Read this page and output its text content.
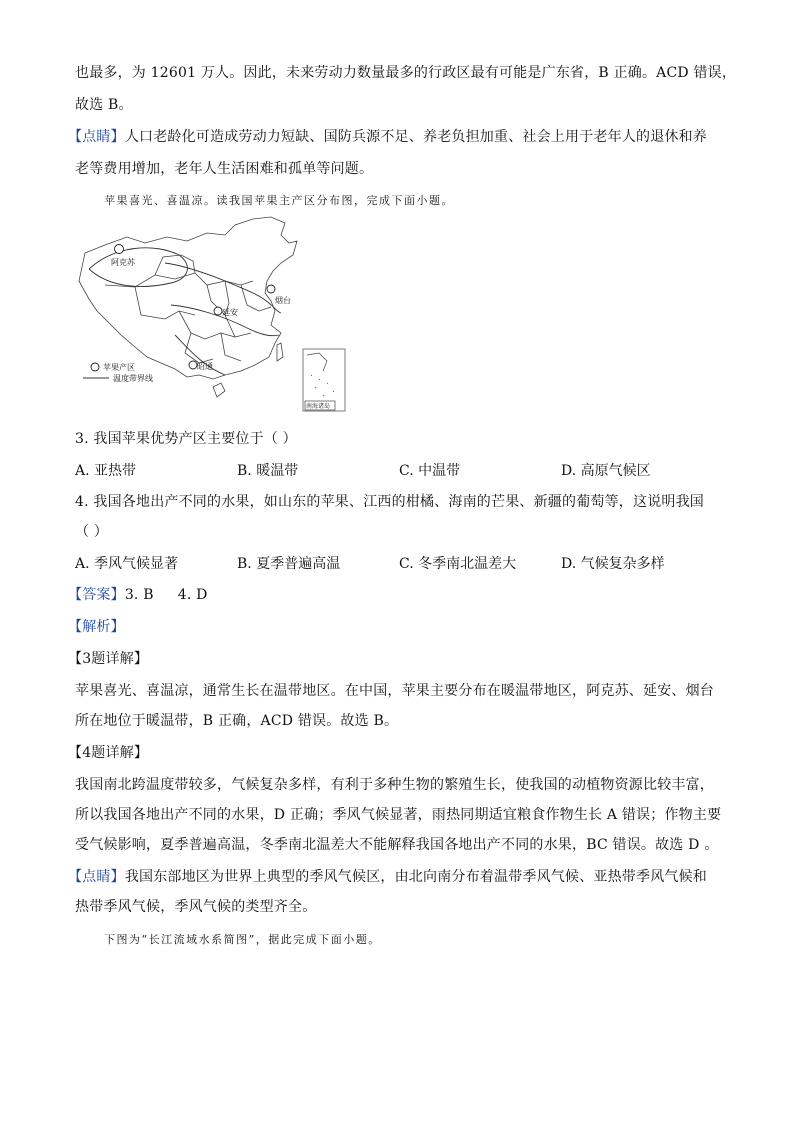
也最多，为 12601 万人。因此，未来劳动力数量最多的行政区最有可能是广东省，B 正确。ACD 错误，
故选 B。
【点睛】人口老龄化可造成劳动力短缺、国防兵源不足、养老负担加重、社会上用于老年人的退休和养
老等费用增加，老年人生活困难和孤单等问题。
苹果喜光、喜温凉。读我国苹果主产区分布图，完成下面小题。
阿克苏
延安
烟台
昭通
苹果产区
温度带界线
南海诸岛
3. 我国苹果优势产区主要位于（ ）
A. 亚热带	B. 暖温带	C. 中温带	D. 高原气候区
4. 我国各地出产不同的水果，如山东的苹果、江西的柑橘、海南的芒果、新疆的葡萄等，这说明我国
（ ）
A. 季风气候显著	B. 夏季普遍高温	C. 冬季南北温差大	D. 气候复杂多样
【答案】3. B 4. D
【解析】
【3题详解】
苹果喜光、喜温凉，通常生长在温带地区。在中国，苹果主要分布在暖温带地区，阿克苏、延安、烟台
所在地位于暖温带，B 正确，ACD 错误。故选 B。
【4题详解】
我国南北跨温度带较多，气候复杂多样，有利于多种生物的繁殖生长，使我国的动植物资源比较丰富，
所以我国各地出产不同的水果，D 正确；季风气候显著，雨热同期适宜粮食作物生长 A 错误；作物主要
受气候影响，夏季普遍高温，冬季南北温差大不能解释我国各地出产不同的水果，BC 错误。故选 D 。
【点睛】我国东部地区为世界上典型的季风气候区，由北向南分布着温带季风气候、亚热带季风气候和
热带季风气候，季风气候的类型齐全。
下图为“长江流域水系简图”，据此完成下面小题。
